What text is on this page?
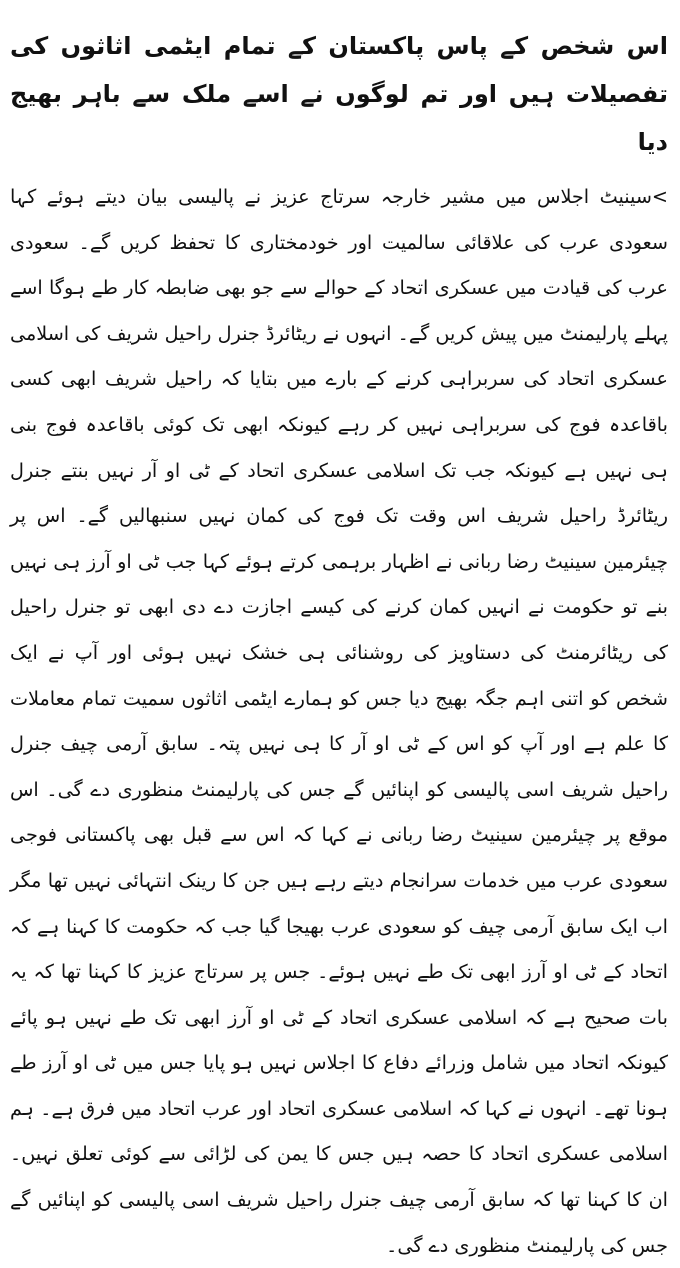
اس شخص کے پاس پاکستان کے تمام ایٹمی اثاثوں کی تفصیلات ہیں اور تم لوگوں نے اسے ملک سے باہر بھیج دیا

>سینیٹ اجلاس میں مشیر خارجہ سرتاج عزیز نے پالیسی بیان دیتے ہوئے کہا سعودی عرب کی علاقائی سالمیت اور خودمختاری کا تحفظ کریں گے۔ سعودی عرب کی قیادت میں عسکری اتحاد کے حوالے سے جو بھی ضابطہ کار طے ہوگا اسے پہلے پارلیمنٹ میں پیش کریں گے۔ انہوں نے ریٹائرڈ جنرل راحیل شریف کی اسلامی عسکری اتحاد کی سربراہی کرنے کے بارے میں بتایا کہ راحیل شریف ابھی کسی باقاعدہ فوج کی سربراہی نہیں کر رہے کیونکہ ابھی تک کوئی باقاعدہ فوج بنی ہی نہیں ہے کیونکہ جب تک اسلامی عسکری اتحاد کے ٹی او آر نہیں بنتے جنرل ریٹائرڈ راحیل شریف اس وقت تک فوج کی کمان نہیں سنبھالیں گے۔ اس پر چیئرمین سینیٹ رضا ربانی نے اظہار برہمی کرتے ہوئے کہا جب ٹی او آرز ہی نہیں بنے تو حکومت نے انہیں کمان کرنے کی کیسے اجازت دے دی ابھی تو جنرل راحیل کی ریٹائرمنٹ کی دستاویز کی روشنائی ہی خشک نہیں ہوئی اور آپ نے ایک شخص کو اتنی اہم جگہ بھیج دیا جس کو ہمارے ایٹمی اثاثوں سمیت تمام معاملات کا علم ہے اور آپ کو اس کے ٹی او آر کا ہی نہیں پتہ۔ سابق آرمی چیف جنرل راحیل شریف اسی پالیسی کو اپنائیں گے جس کی پارلیمنٹ منظوری دے گی۔ اس موقع پر چیئرمین سینیٹ رضا ربانی نے کہا کہ اس سے قبل بھی پاکستانی فوجی سعودی عرب میں خدمات سرانجام دیتے رہے ہیں جن کا رینک انتہائی نہیں تھا مگر اب ایک سابق آرمی چیف کو سعودی عرب بھیجا گیا جب کہ حکومت کا کہنا ہے کہ اتحاد کے ٹی او آرز ابھی تک طے نہیں ہوئے۔ جس پر سرتاج عزیز کا کہنا تھا کہ یہ بات صحیح ہے کہ اسلامی عسکری اتحاد کے ٹی او آرز ابھی تک طے نہیں ہو پائے کیونکہ اتحاد میں شامل وزرائے دفاع کا اجلاس نہیں ہو پایا جس میں ٹی او آرز طے ہونا تھے۔ انہوں نے کہا کہ اسلامی عسکری اتحاد اور عرب اتحاد میں فرق ہے۔ ہم اسلامی عسکری اتحاد کا حصہ ہیں جس کا یمن کی لڑائی سے کوئی تعلق نہیں۔ ان کا کہنا تھا کہ سابق آرمی چیف جنرل راحیل شریف اسی پالیسی کو اپنائیں گے جس کی پارلیمنٹ منظوری دے گی۔
